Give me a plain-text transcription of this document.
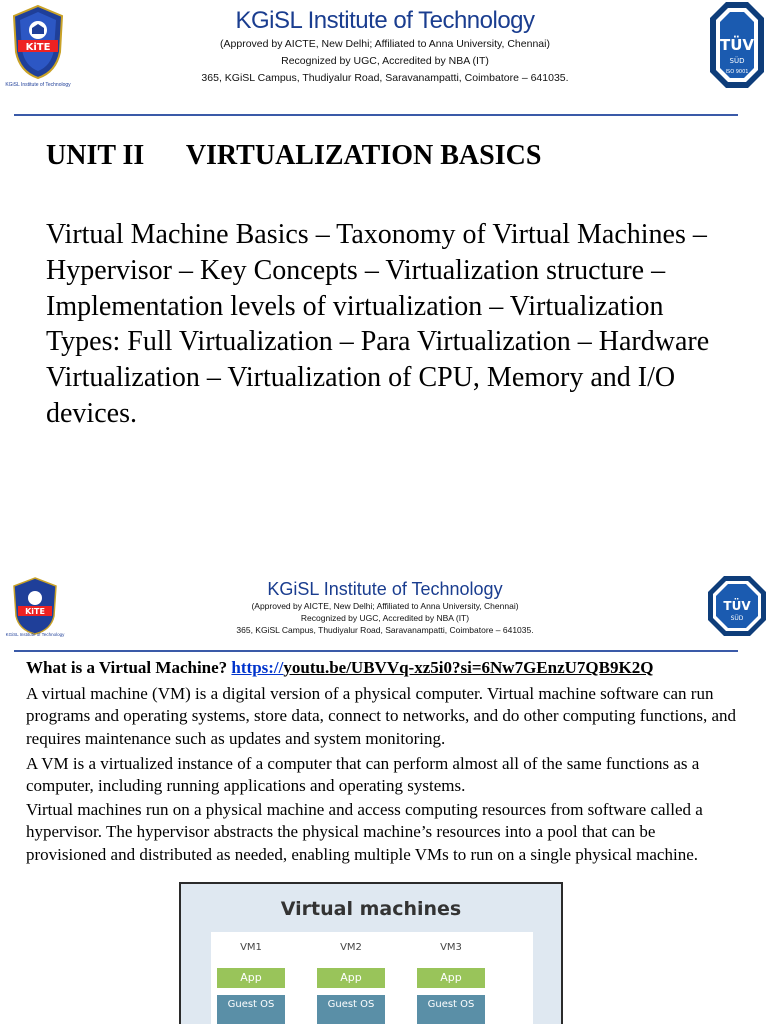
KiTE
KGiSL Institute of Technology
KGiSL Institute of Technology
(Approved by AICTE, New Delhi; Affiliated to Anna University, Chennai)
Recognized by UGC, Accredited by NBA (IT)
365, KGiSL Campus, Thudiyalur Road, Saravanampatti, Coimbatore – 641035.
TÜV
SÜD
ISO 9001
UNIT II VIRTUALIZATION BASICS
Virtual Machine Basics – Taxonomy of Virtual Machines – Hypervisor – Key Concepts – Virtualization structure – Implementation levels of virtualization – Virtualization Types: Full Virtualization – Para Virtualization – Hardware Virtualization – Virtualization of CPU, Memory and I/O devices.
KiTE
KGiSL Institute of Technology
KGiSL Institute of Technology
(Approved by AICTE, New Delhi; Affiliated to Anna University, Chennai)
Recognized by UGC, Accredited by NBA (IT)
365, KGiSL Campus, Thudiyalur Road, Saravanampatti, Coimbatore – 641035.
TÜV
SÜD
What is a Virtual Machine? https://youtu.be/UBVVq-xz5i0?si=6Nw7GEnzU7QB9K2Q
A virtual machine (VM) is a digital version of a physical computer. Virtual machine software can run programs and operating systems, store data, connect to networks, and do other computing functions, and requires maintenance such as updates and system monitoring.
A VM is a virtualized instance of a computer that can perform almost all of the same functions as a computer, including running applications and operating systems.
Virtual machines run on a physical machine and access computing resources from software called a hypervisor. The hypervisor abstracts the physical machine’s resources into a pool that can be provisioned and distributed as needed, enabling multiple VMs to run on a single physical machine.
Virtual machines
VM1
App
Guest OS
VM2
App
Guest OS
VM3
App
Guest OS
